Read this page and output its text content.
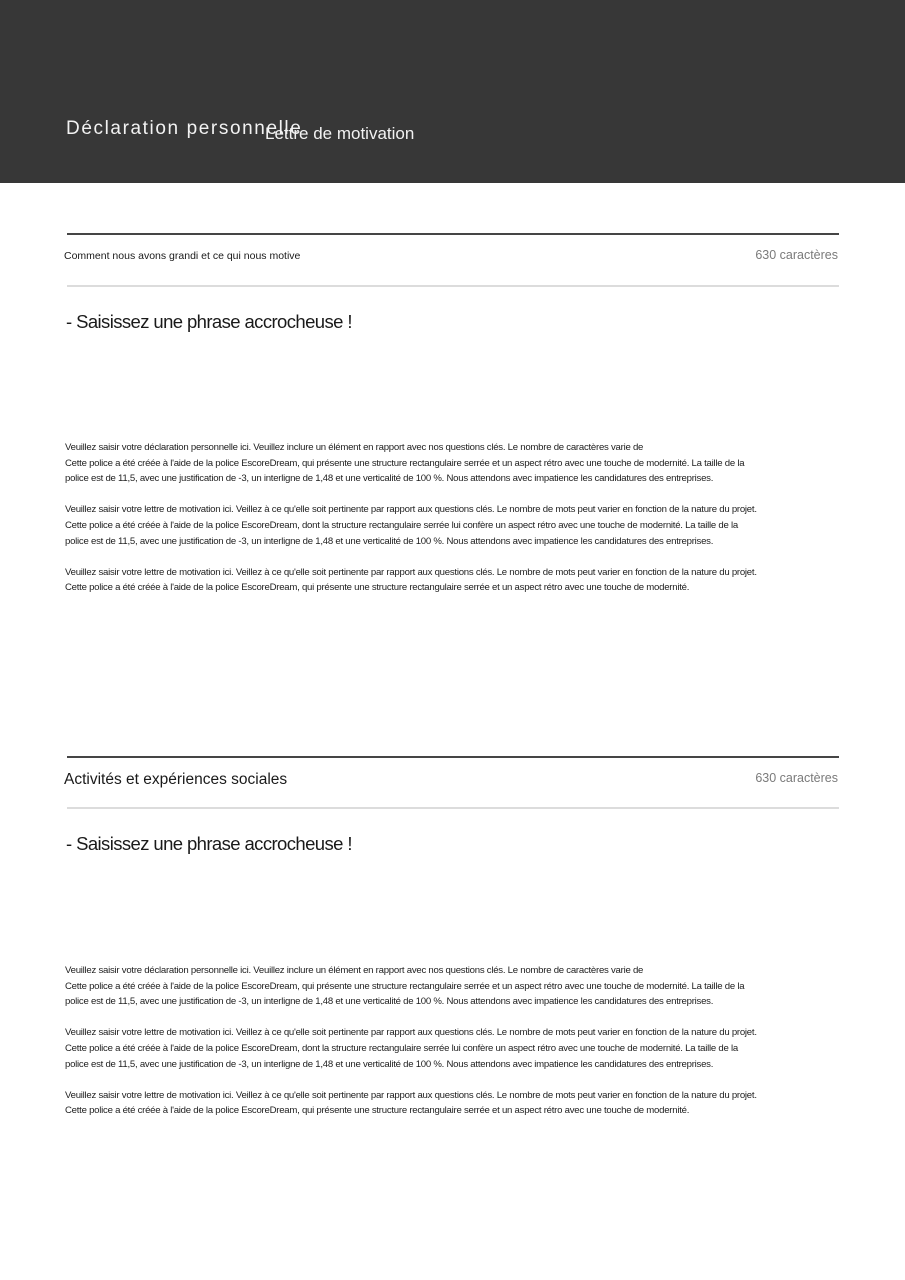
Déclaration personnelle
Lettre de motivation
Comment nous avons grandi et ce qui nous motive	630 caractères
- Saisissez une phrase accrocheuse !

Veuillez saisir votre déclaration personnelle ici. Veuillez inclure un élément en rapport avec nos questions clés. Le nombre de caractères varie de
Cette police a été créée à l'aide de la police EscoreDream, qui présente une structure rectangulaire serrée et un aspect rétro avec une touche de modernité. La taille de la
police est de 11,5, avec une justification de -3, un interligne de 1,48 et une verticalité de 100 %. Nous attendons avec impatience les candidatures des entreprises.

Veuillez saisir votre lettre de motivation ici. Veillez à ce qu'elle soit pertinente par rapport aux questions clés. Le nombre de mots peut varier en fonction de la nature du projet.
Cette police a été créée à l'aide de la police EscoreDream, dont la structure rectangulaire serrée lui confère un aspect rétro avec une touche de modernité. La taille de la
police est de 11,5, avec une justification de -3, un interligne de 1,48 et une verticalité de 100 %. Nous attendons avec impatience les candidatures des entreprises.

Veuillez saisir votre lettre de motivation ici. Veillez à ce qu'elle soit pertinente par rapport aux questions clés. Le nombre de mots peut varier en fonction de la nature du projet.
Cette police a été créée à l'aide de la police EscoreDream, qui présente une structure rectangulaire serrée et un aspect rétro avec une touche de modernité.

Activités et expériences sociales	630 caractères
- Saisissez une phrase accrocheuse !

Veuillez saisir votre déclaration personnelle ici. Veuillez inclure un élément en rapport avec nos questions clés. Le nombre de caractères varie de
Cette police a été créée à l'aide de la police EscoreDream, qui présente une structure rectangulaire serrée et un aspect rétro avec une touche de modernité. La taille de la
police est de 11,5, avec une justification de -3, un interligne de 1,48 et une verticalité de 100 %. Nous attendons avec impatience les candidatures des entreprises.

Veuillez saisir votre lettre de motivation ici. Veillez à ce qu'elle soit pertinente par rapport aux questions clés. Le nombre de mots peut varier en fonction de la nature du projet.
Cette police a été créée à l'aide de la police EscoreDream, dont la structure rectangulaire serrée lui confère un aspect rétro avec une touche de modernité. La taille de la
police est de 11,5, avec une justification de -3, un interligne de 1,48 et une verticalité de 100 %. Nous attendons avec impatience les candidatures des entreprises.

Veuillez saisir votre lettre de motivation ici. Veillez à ce qu'elle soit pertinente par rapport aux questions clés. Le nombre de mots peut varier en fonction de la nature du projet.
Cette police a été créée à l'aide de la police EscoreDream, qui présente une structure rectangulaire serrée et un aspect rétro avec une touche de modernité.
